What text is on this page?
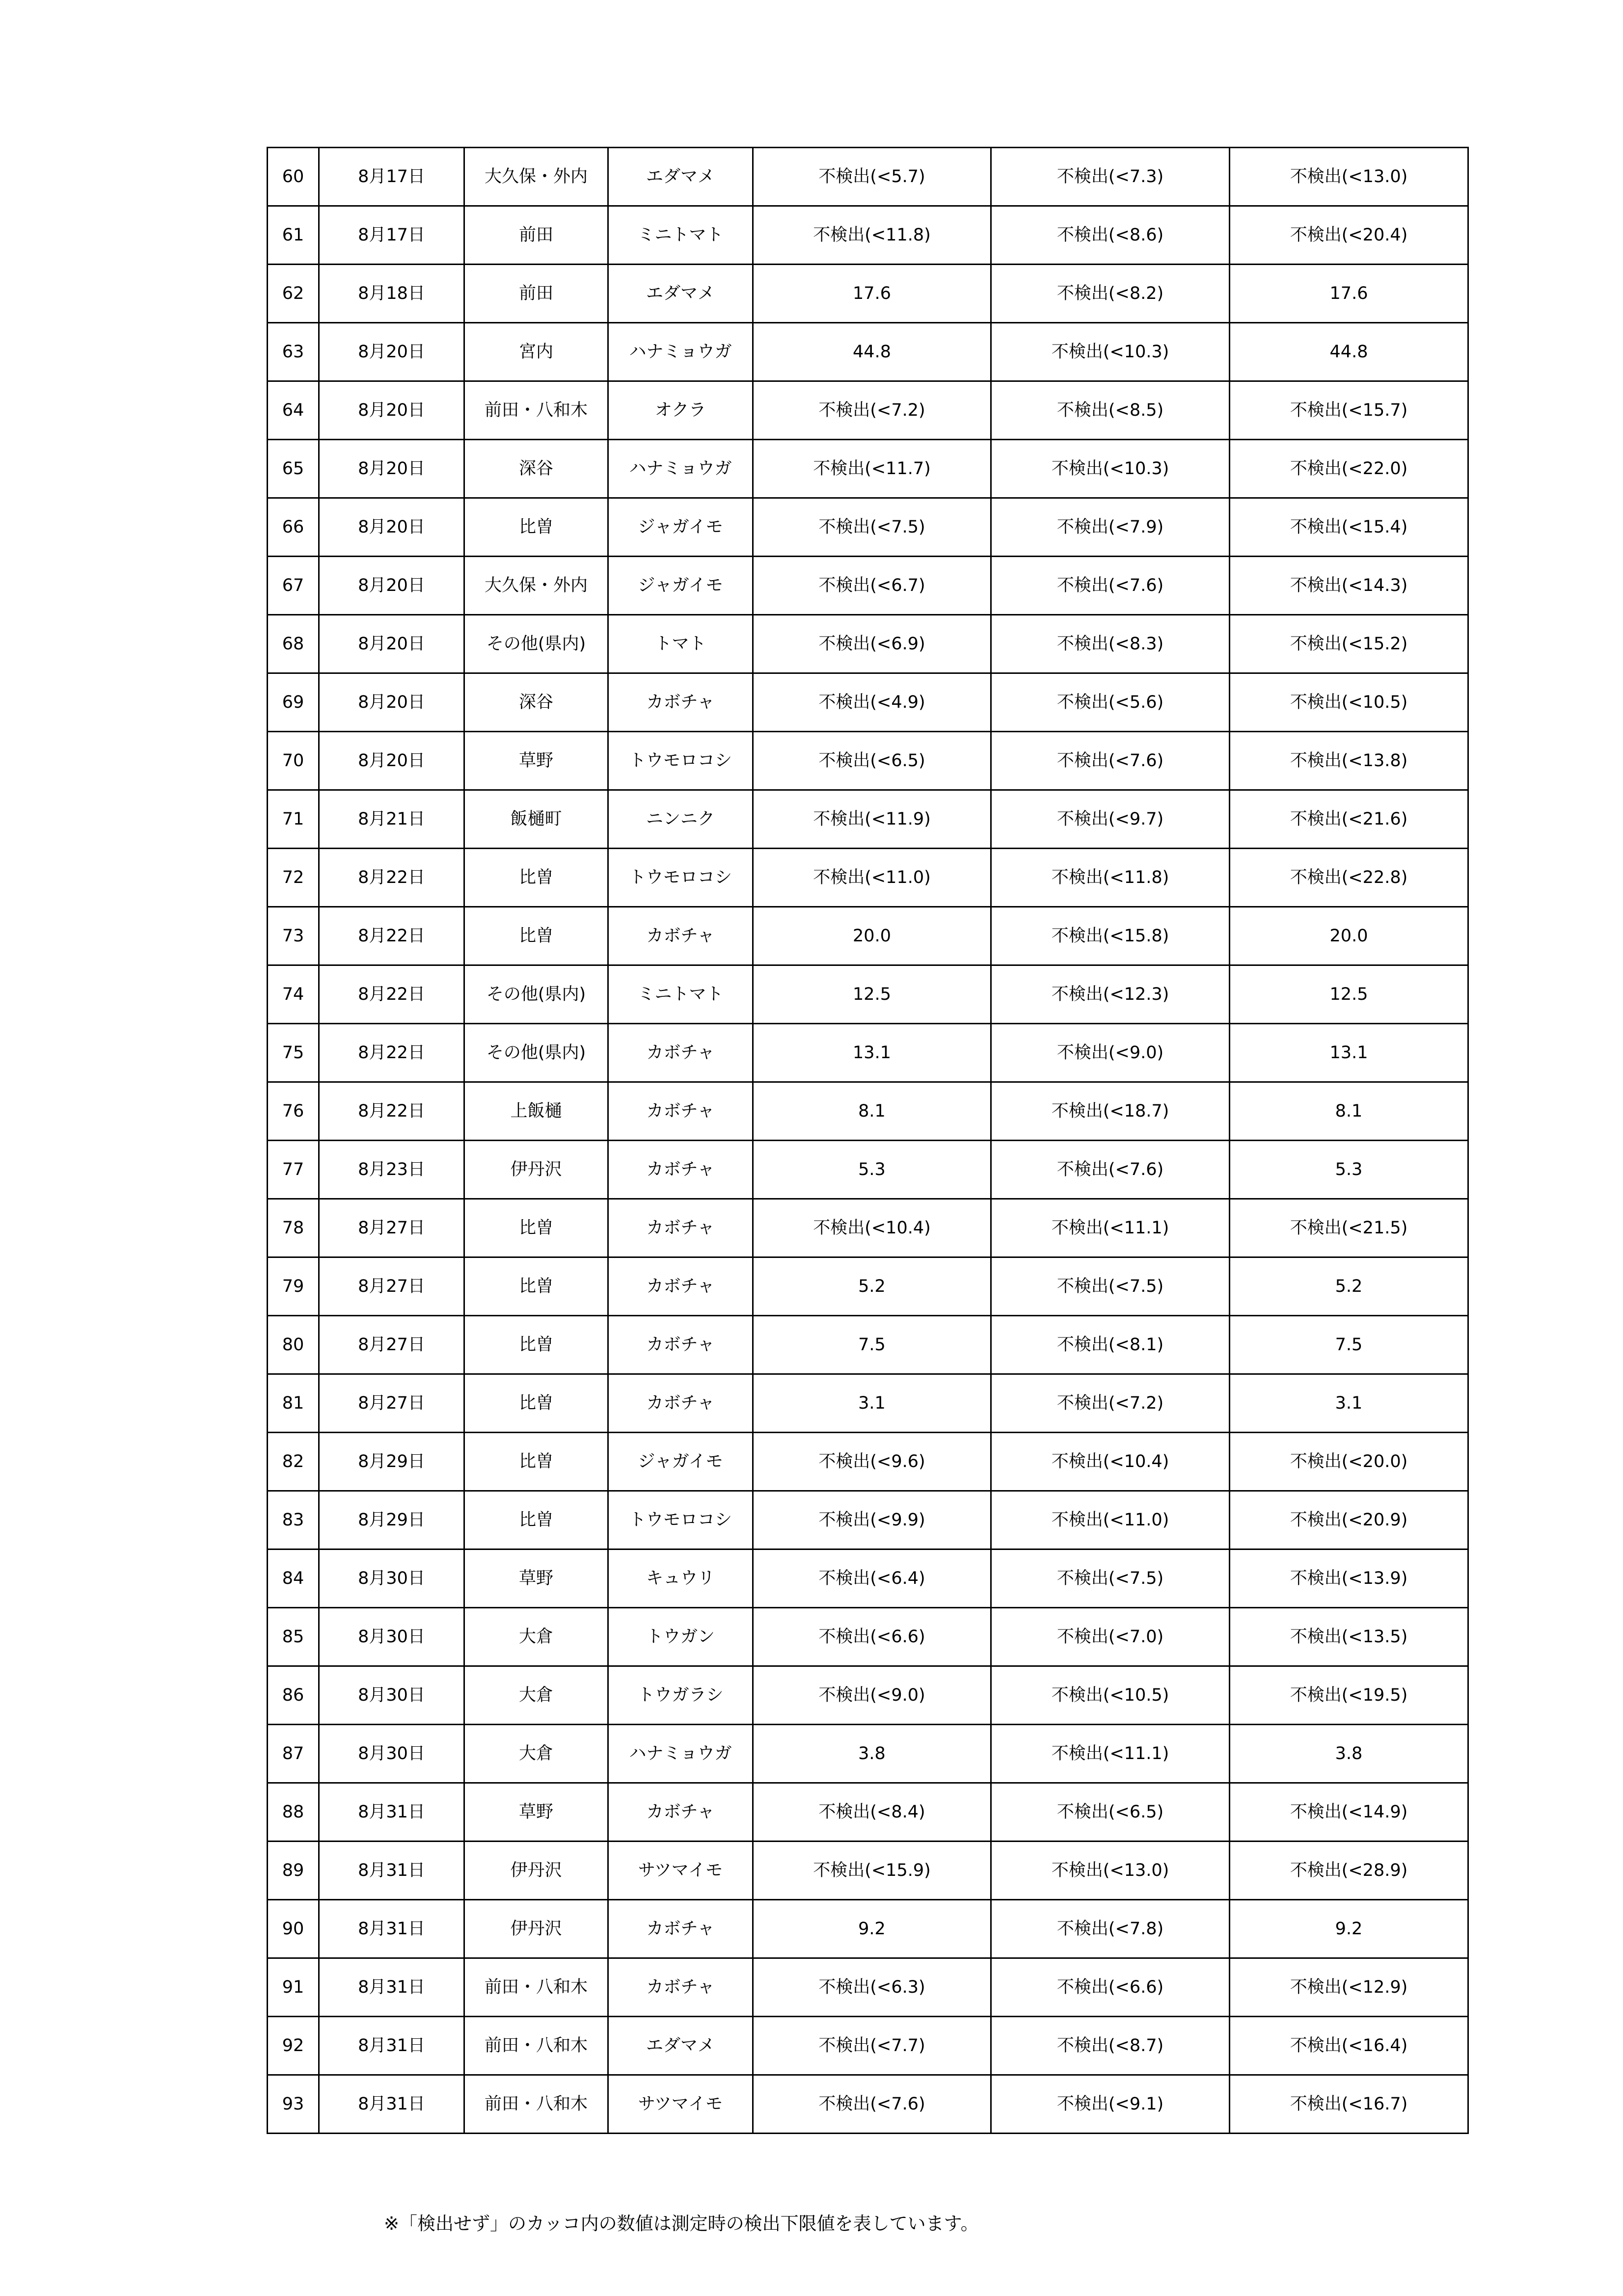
60	8月17日	大久保・外内	エダマメ	不検出(<5.7)	不検出(<7.3)	不検出(<13.0)
61	8月17日	前田	ミニトマト	不検出(<11.8)	不検出(<8.6)	不検出(<20.4)
62	8月18日	前田	エダマメ	17.6	不検出(<8.2)	17.6
63	8月20日	宮内	ハナミョウガ	44.8	不検出(<10.3)	44.8
64	8月20日	前田・八和木	オクラ	不検出(<7.2)	不検出(<8.5)	不検出(<15.7)
65	8月20日	深谷	ハナミョウガ	不検出(<11.7)	不検出(<10.3)	不検出(<22.0)
66	8月20日	比曽	ジャガイモ	不検出(<7.5)	不検出(<7.9)	不検出(<15.4)
67	8月20日	大久保・外内	ジャガイモ	不検出(<6.7)	不検出(<7.6)	不検出(<14.3)
68	8月20日	その他(県内)	トマト	不検出(<6.9)	不検出(<8.3)	不検出(<15.2)
69	8月20日	深谷	カボチャ	不検出(<4.9)	不検出(<5.6)	不検出(<10.5)
70	8月20日	草野	トウモロコシ	不検出(<6.5)	不検出(<7.6)	不検出(<13.8)
71	8月21日	飯樋町	ニンニク	不検出(<11.9)	不検出(<9.7)	不検出(<21.6)
72	8月22日	比曽	トウモロコシ	不検出(<11.0)	不検出(<11.8)	不検出(<22.8)
73	8月22日	比曽	カボチャ	20.0	不検出(<15.8)	20.0
74	8月22日	その他(県内)	ミニトマト	12.5	不検出(<12.3)	12.5
75	8月22日	その他(県内)	カボチャ	13.1	不検出(<9.0)	13.1
76	8月22日	上飯樋	カボチャ	8.1	不検出(<18.7)	8.1
77	8月23日	伊丹沢	カボチャ	5.3	不検出(<7.6)	5.3
78	8月27日	比曽	カボチャ	不検出(<10.4)	不検出(<11.1)	不検出(<21.5)
79	8月27日	比曽	カボチャ	5.2	不検出(<7.5)	5.2
80	8月27日	比曽	カボチャ	7.5	不検出(<8.1)	7.5
81	8月27日	比曽	カボチャ	3.1	不検出(<7.2)	3.1
82	8月29日	比曽	ジャガイモ	不検出(<9.6)	不検出(<10.4)	不検出(<20.0)
83	8月29日	比曽	トウモロコシ	不検出(<9.9)	不検出(<11.0)	不検出(<20.9)
84	8月30日	草野	キュウリ	不検出(<6.4)	不検出(<7.5)	不検出(<13.9)
85	8月30日	大倉	トウガン	不検出(<6.6)	不検出(<7.0)	不検出(<13.5)
86	8月30日	大倉	トウガラシ	不検出(<9.0)	不検出(<10.5)	不検出(<19.5)
87	8月30日	大倉	ハナミョウガ	3.8	不検出(<11.1)	3.8
88	8月31日	草野	カボチャ	不検出(<8.4)	不検出(<6.5)	不検出(<14.9)
89	8月31日	伊丹沢	サツマイモ	不検出(<15.9)	不検出(<13.0)	不検出(<28.9)
90	8月31日	伊丹沢	カボチャ	9.2	不検出(<7.8)	9.2
91	8月31日	前田・八和木	カボチャ	不検出(<6.3)	不検出(<6.6)	不検出(<12.9)
92	8月31日	前田・八和木	エダマメ	不検出(<7.7)	不検出(<8.7)	不検出(<16.4)
93	8月31日	前田・八和木	サツマイモ	不検出(<7.6)	不検出(<9.1)	不検出(<16.7)
※「検出せず」のカッコ内の数値は測定時の検出下限値を表しています。
